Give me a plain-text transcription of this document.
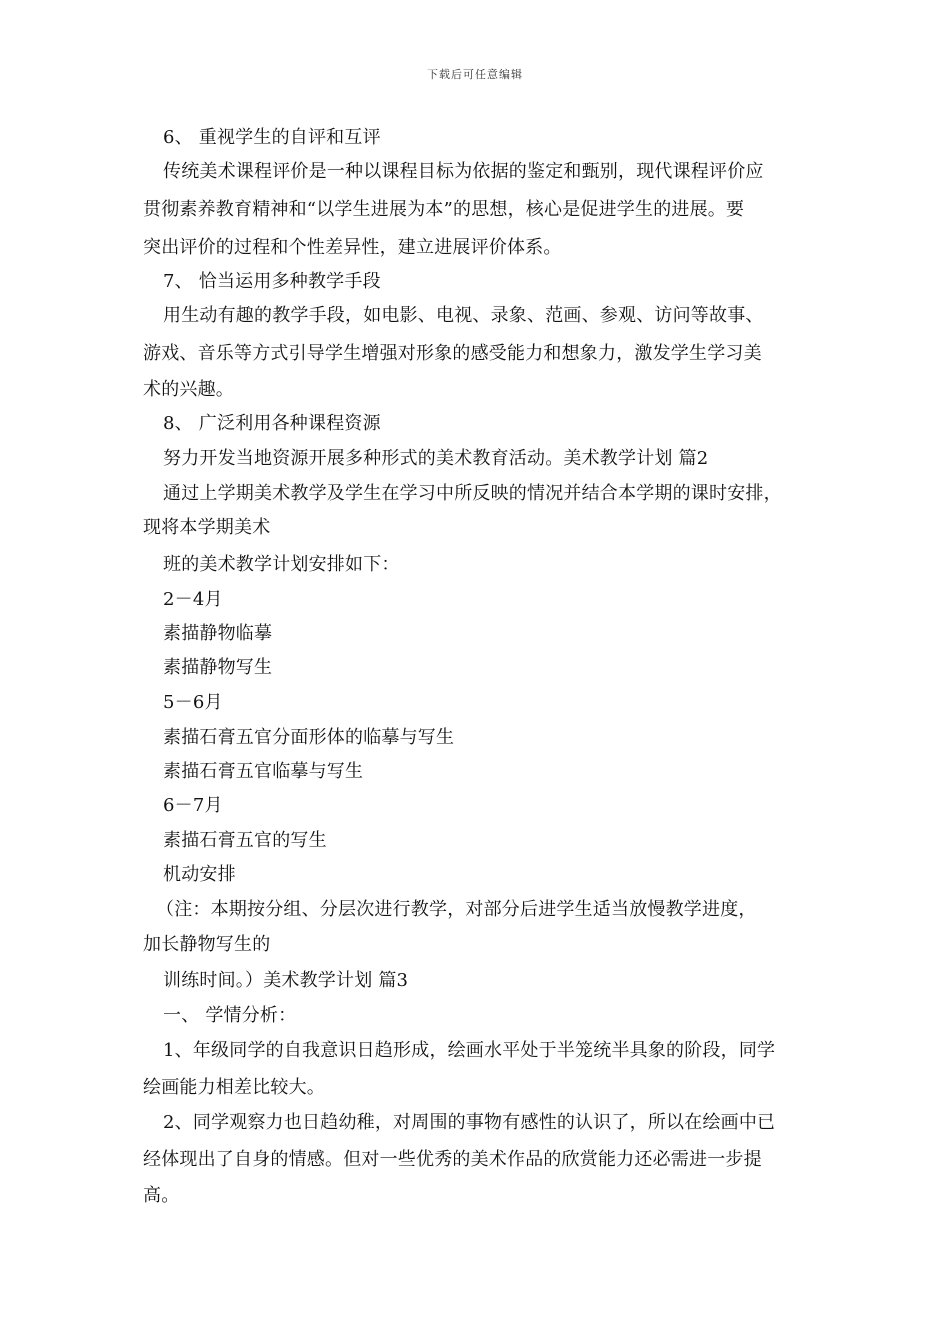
下载后可任意编辑
6、 重视学生的自评和互评
传统美术课程评价是一种以课程目标为依据的鉴定和甄别，现代课程评价应
贯彻素养教育精神和“以学生进展为本”的思想，核心是促进学生的进展。要
突出评价的过程和个性差异性，建立进展评价体系。
7、 恰当运用多种教学手段
用生动有趣的教学手段，如电影、电视、录象、范画、参观、访问等故事、
游戏、音乐等方式引导学生增强对形象的感受能力和想象力，激发学生学习美
术的兴趣。
8、 广泛利用各种课程资源
努力开发当地资源开展多种形式的美术教育活动。美术教学计划 篇2
通过上学期美术教学及学生在学习中所反映的情况并结合本学期的课时安排，
现将本学期美术
班的美术教学计划安排如下：
2－4月
素描静物临摹
素描静物写生
5－6月
素描石膏五官分面形体的临摹与写生
素描石膏五官临摹与写生
6－7月
素描石膏五官的写生
机动安排
（注：本期按分组、分层次进行教学，对部分后进学生适当放慢教学进度，
加长静物写生的
训练时间。）美术教学计划 篇3
一、 学情分析：
1、年级同学的自我意识日趋形成，绘画水平处于半笼统半具象的阶段，同学
绘画能力相差比较大。
2、同学观察力也日趋幼稚，对周围的事物有感性的认识了，所以在绘画中已
经体现出了自身的情感。但对一些优秀的美术作品的欣赏能力还必需进一步提
高。
